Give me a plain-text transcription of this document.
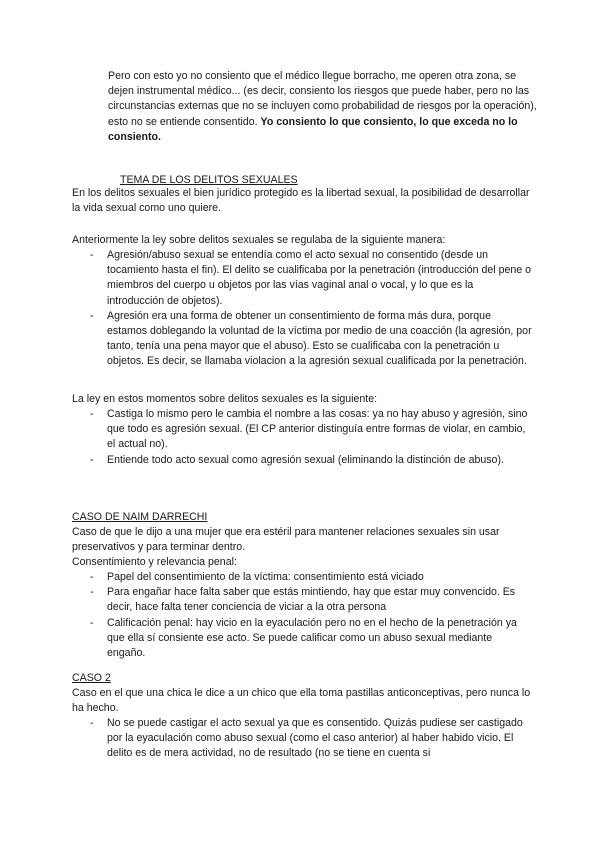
Pero con esto yo no consiento que el médico llegue borracho, me operen otra zona, se dejen instrumental médico... (es decir, consiento los riesgos que puede haber, pero no las circunstancias externas que no se incluyen como probabilidad de riesgos por la operación), esto no se entiende consentido. Yo consiento lo que consiento, lo que exceda no lo consiento.

TEMA DE LOS DELITOS SEXUALES

En los delitos sexuales el bien jurídico protegido es la libertad sexual, la posibilidad de desarrollar la vida sexual como uno quiere.

Anteriormente la ley sobre delitos sexuales se regulaba de la siguiente manera:

- Agresión/abuso sexual se entendía como el acto sexual no consentido (desde un tocamiento hasta el fin). El delito se cualificaba por la penetración (introducción del pene o miembros del cuerpo u objetos por las vías vaginal anal o vocal, y lo que es la introducción de objetos).
- Agresión era una forma de obtener un consentimiento de forma más dura, porque estamos doblegando la voluntad de la víctima por medio de una coacción (la agresión, por tanto, tenía una pena mayor que el abuso). Esto se cualificaba con la penetración u objetos. Es decir, se llamaba violacion a la agresión sexual cualificada por la penetración.

La ley en estos momentos sobre delitos sexuales es la siguiente:

- Castiga lo mismo pero le cambia el nombre a las cosas: ya no hay abuso y agresión, sino que todo es agresión sexual. (El CP anterior distinguía entre formas de violar, en cambio, el actual no).
- Entiende todo acto sexual como agresión sexual (eliminando la distinción de abuso).
CASO DE NAIM DARRECHI

Caso de que le dijo a una mujer que era estéril para mantener relaciones sexuales sin usar preservativos y para terminar dentro.

Consentimiento y relevancia penal:

- Papel del consentimiento de la víctima: consentimiento está viciado
- Para engañar hace falta saber que estás mintiendo, hay que estar muy convencido. Es decir, hace falta tener conciencia de viciar a la otra persona
- Calificación penal: hay vicio en la eyaculación pero no en el hecho de la penetración ya que ella sí consiente ese acto. Se puede calificar como un abuso sexual mediante engaño.
CASO 2

Caso en el que una chica le dice a un chico que ella toma pastillas anticonceptivas, pero nunca lo ha hecho.

- No se puede castigar el acto sexual ya que es consentido. Quizás pudiese ser castigado por la eyaculación como abuso sexual (como el caso anterior) al haber habido vicio. El delito es de mera actividad, no de resultado (no se tiene en cuenta si
